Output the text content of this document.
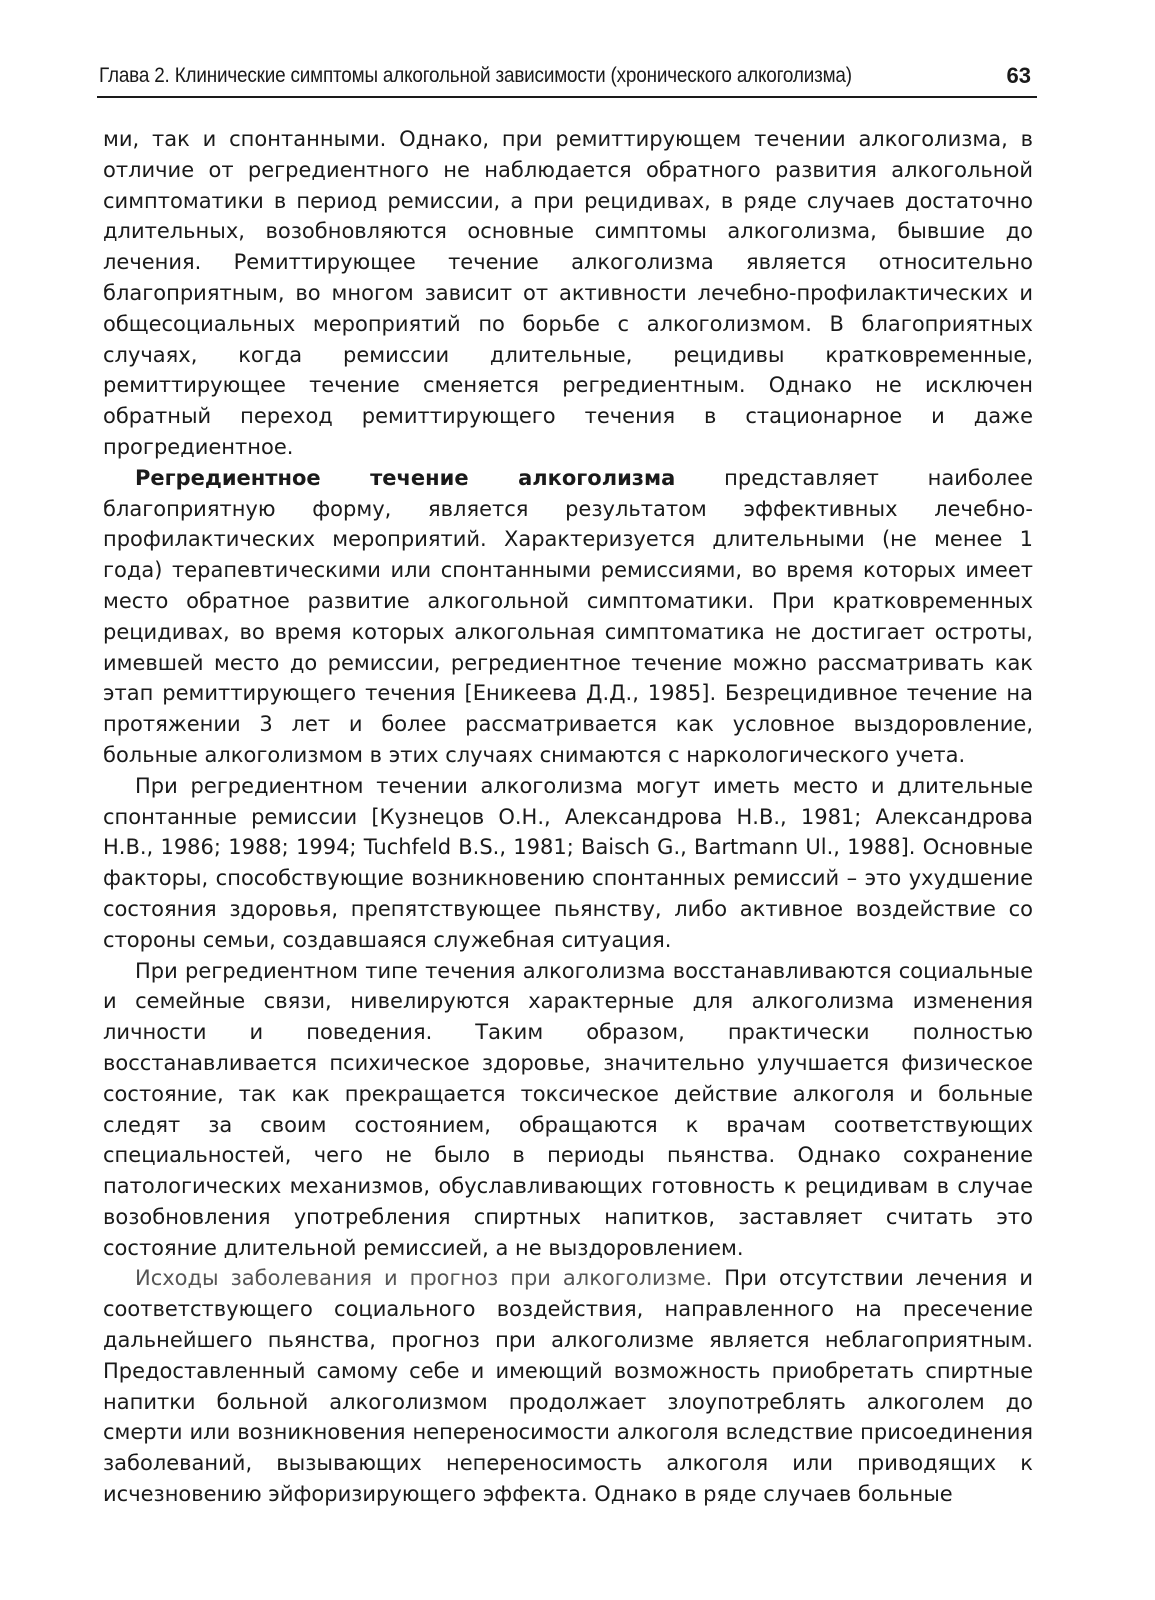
Глава 2. Клинические симптомы алкогольной зависимости (хронического алкоголизма)	63

ми, так и спонтанными. Однако, при ремиттирующем течении алкоголизма, в отличие от регредиентного не наблюдается обратного развития алкогольной симптоматики в период ремиссии, а при рецидивах, в ряде случаев достаточно длительных, возобновляются основные симптомы алкоголизма, бывшие до лечения. Ремиттирующее течение алкоголизма является относительно благоприятным, во многом зависит от активности лечебно-профилактических и общесоциальных мероприятий по борьбе с алкоголизмом. В благоприятных случаях, когда ремиссии длительные, рецидивы кратковременные, ремиттирующее течение сменяется регредиентным. Однако не исключен обратный переход ремиттирующего течения в стационарное и даже прогредиентное.

Регредиентное течение алкоголизма представляет наиболее благоприятную форму, является результатом эффективных лечебно-профилактических мероприятий. Характеризуется длительными (не менее 1 года) терапевтическими или спонтанными ремиссиями, во время которых имеет место обратное развитие алкогольной симптоматики. При кратковременных рецидивах, во время которых алкогольная симптоматика не достигает остроты, имевшей место до ремиссии, регредиентное течение можно рассматривать как этап ремиттирующего течения [Еникеева Д.Д., 1985]. Безрецидивное течение на протяжении 3 лет и более рассматривается как условное выздоровление, больные алкоголизмом в этих случаях снимаются с наркологического учета.

При регредиентном течении алкоголизма могут иметь место и длительные спонтанные ремиссии [Кузнецов О.Н., Александрова Н.В., 1981; Александрова Н.В., 1986; 1988; 1994; Tuchfeld B.S., 1981; Baisch G., Bartmann Ul., 1988]. Основные факторы, способствующие возникновению спонтанных ремиссий – это ухудшение состояния здоровья, препятствующее пьянству, либо активное воздействие со стороны семьи, создавшаяся служебная ситуация.

При регредиентном типе течения алкоголизма восстанавливаются социальные и семейные связи, нивелируются характерные для алкоголизма изменения личности и поведения. Таким образом, практически полностью восстанавливается психическое здоровье, значительно улучшается физическое состояние, так как прекращается токсическое действие алкоголя и больные следят за своим состоянием, обращаются к врачам соответствующих специальностей, чего не было в периоды пьянства. Однако сохранение патологических механизмов, обуславливающих готовность к рецидивам в случае возобновления употребления спиртных напитков, заставляет считать это состояние длительной ремиссией, а не выздоровлением.

Исходы заболевания и прогноз при алкоголизме. При отсутствии лечения и соответствующего социального воздействия, направленного на пресечение дальнейшего пьянства, прогноз при алкоголизме является неблагоприятным. Предоставленный самому себе и имеющий возможность приобретать спиртные напитки больной алкоголизмом продолжает злоупотреблять алкоголем до смерти или возникновения непереносимости алкоголя вследствие присоединения заболеваний, вызывающих непереносимость алкоголя или приводящих к исчезновению эйфоризирующего эффекта. Однако в ряде случаев больные
